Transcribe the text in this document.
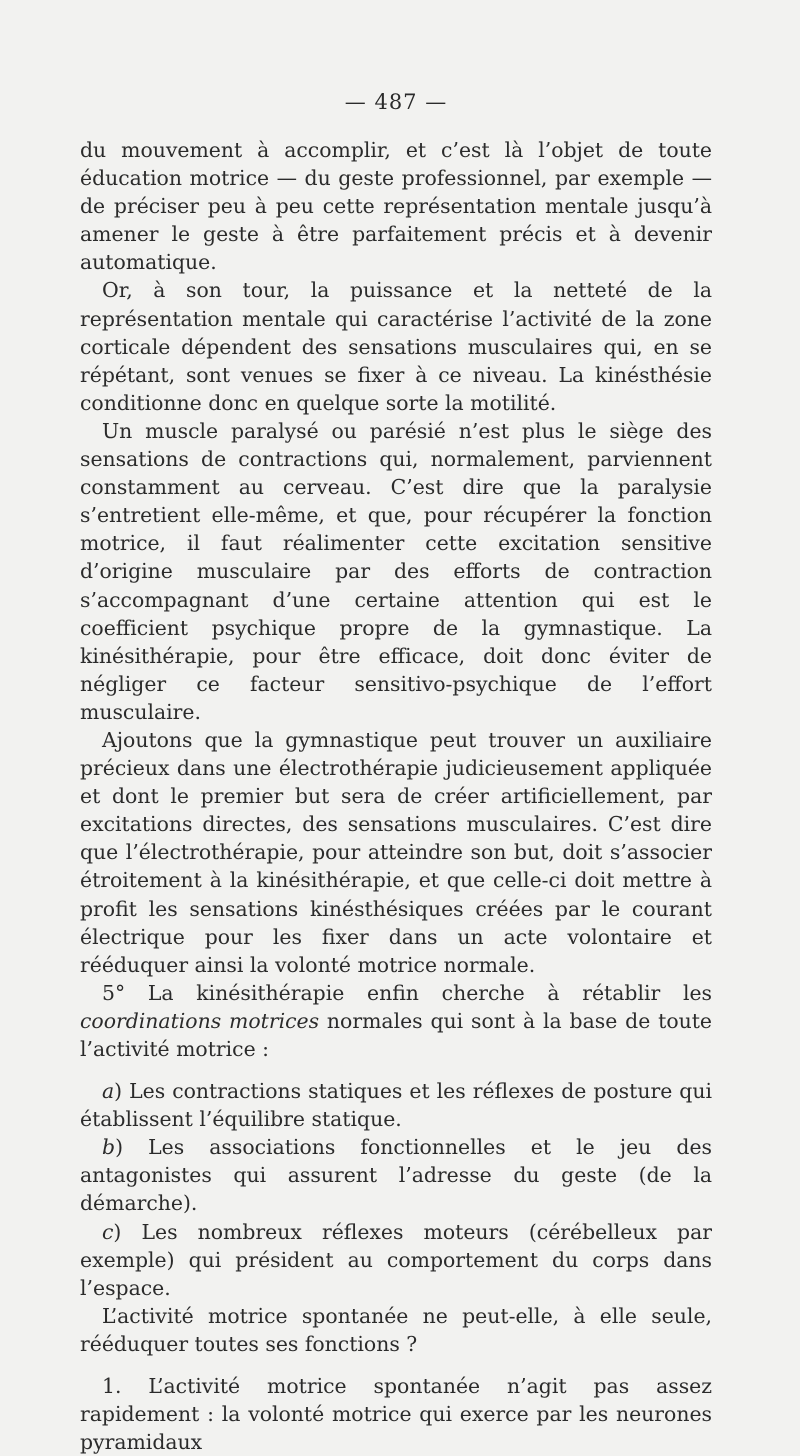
— 487 —

du mouvement à accomplir, et c’est là l’objet de toute éducation motrice — du geste professionnel, par exemple — de préciser peu à peu cette représentation mentale jusqu’à amener le geste à être parfaitement précis et à devenir automatique.

Or, à son tour, la puissance et la netteté de la représentation mentale qui caractérise l’activité de la zone corticale dépendent des sensations musculaires qui, en se répétant, sont venues se fixer à ce niveau. La kinésthésie conditionne donc en quelque sorte la motilité.

Un muscle paralysé ou parésié n’est plus le siège des sensations de contractions qui, normalement, parviennent constamment au cerveau. C’est dire que la paralysie s’entretient elle-même, et que, pour récupérer la fonction motrice, il faut réalimenter cette excitation sensitive d’origine musculaire par des efforts de contraction s’accompagnant d’une certaine attention qui est le coefficient psychique propre de la gymnastique. La kinésithérapie, pour être efficace, doit donc éviter de négliger ce facteur sensitivo-psychique de l’effort musculaire.

Ajoutons que la gymnastique peut trouver un auxiliaire précieux dans une électrothérapie judicieusement appliquée et dont le premier but sera de créer artificiellement, par excitations directes, des sensations musculaires. C’est dire que l’électrothérapie, pour atteindre son but, doit s’associer étroitement à la kinésithérapie, et que celle-ci doit mettre à profit les sensations kinésthésiques créées par le courant électrique pour les fixer dans un acte volontaire et rééduquer ainsi la volonté motrice normale.

5° La kinésithérapie enfin cherche à rétablir les coordinations motrices normales qui sont à la base de toute l’activité motrice :

a) Les contractions statiques et les réflexes de posture qui établissent l’équilibre statique.

b) Les associations fonctionnelles et le jeu des antagonistes qui assurent l’adresse du geste (de la démarche).

c) Les nombreux réflexes moteurs (cérébelleux par exemple) qui président au comportement du corps dans l’espace.

L’activité motrice spontanée ne peut-elle, à elle seule, rééduquer toutes ses fonctions ?

1. L’activité motrice spontanée n’agit pas assez rapidement : la volonté motrice qui exerce par les neurones pyramidaux
